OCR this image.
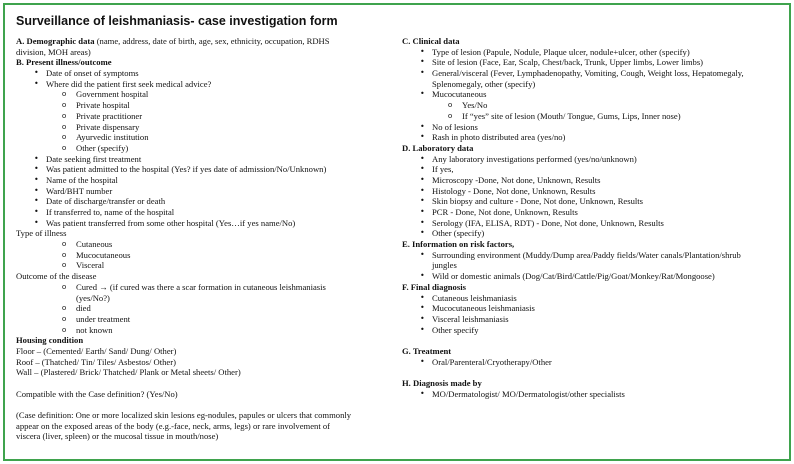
Surveillance of leishmaniasis- case investigation form
A. Demographic data (name, address, date of birth, age, sex, ethnicity, occupation, RDHS
division, MOH areas)
B. Present illness/outcome
• Date of onset of symptoms
• Where did the patient first seek medical advice?
o Government hospital
o Private hospital
o Private practitioner
o Private dispensary
o Ayurvedic institution
o Other (specify)
• Date seeking first treatment
• Was patient admitted to the hospital (Yes? if yes date of admission/No/Unknown)
• Name of the hospital
• Ward/BHT number
• Date of discharge/transfer or death
• If transferred to, name of the hospital
• Was patient transferred from some other hospital (Yes…if yes name/No)
Type of illness
o Cutaneous
o Mucocutaneous
o Visceral
Outcome of the disease
o Cured → (if cured was there a scar formation in cutaneous leishmaniasis
(yes/No?)
o died
o under treatment
o not known
Housing condition
Floor – (Cemented/ Earth/ Sand/ Dung/ Other)
Roof – (Thatched/ Tin/ Tiles/ Asbestos/ Other)
Wall – (Plastered/ Brick/ Thatched/ Plank or Metal sheets/ Other)
Compatible with the Case definition? (Yes/No)
(Case definition: One or more localized skin lesions eg-nodules, papules or ulcers that commonly
appear on the exposed areas of the body (e.g.-face, neck, arms, legs) or rare involvement of
viscera (liver, spleen) or the mucosal tissue in mouth/nose)
C. Clinical data
• Type of lesion (Papule, Nodule, Plaque ulcer, nodule+ulcer, other (specify)
• Site of lesion (Face, Ear, Scalp, Chest/back, Trunk, Upper limbs, Lower limbs)
• General/visceral (Fever, Lymphadenopathy, Vomiting, Cough, Weight loss, Hepatomegaly,
Splenomegaly, other (specify)
• Mucocutaneous
o Yes/No
o If “yes” site of lesion (Mouth/ Tongue, Gums, Lips, Inner nose)
• No of lesions
• Rash in photo distributed area (yes/no)
D. Laboratory data
• Any laboratory investigations performed (yes/no/unknown)
• If yes,
• Microscopy -Done, Not done, Unknown, Results
• Histology - Done, Not done, Unknown, Results
• Skin biopsy and culture - Done, Not done, Unknown, Results
• PCR - Done, Not done, Unknown, Results
• Serology (IFA, ELISA, RDT) - Done, Not done, Unknown, Results
• Other (specify)
E. Information on risk factors,
• Surrounding environment (Muddy/Dump area/Paddy fields/Water canals/Plantation/shrub
jungles
• Wild or domestic animals (Dog/Cat/Bird/Cattle/Pig/Goat/Monkey/Rat/Mongoose)
F. Final diagnosis
• Cutaneous leishmaniasis
• Mucocutaneous leishmaniasis
• Visceral leishmaniasis
• Other specify
G. Treatment
• Oral/Parenteral/Cryotherapy/Other
H. Diagnosis made by
• MO/Dermatologist/ MO/Dermatologist/other specialists
